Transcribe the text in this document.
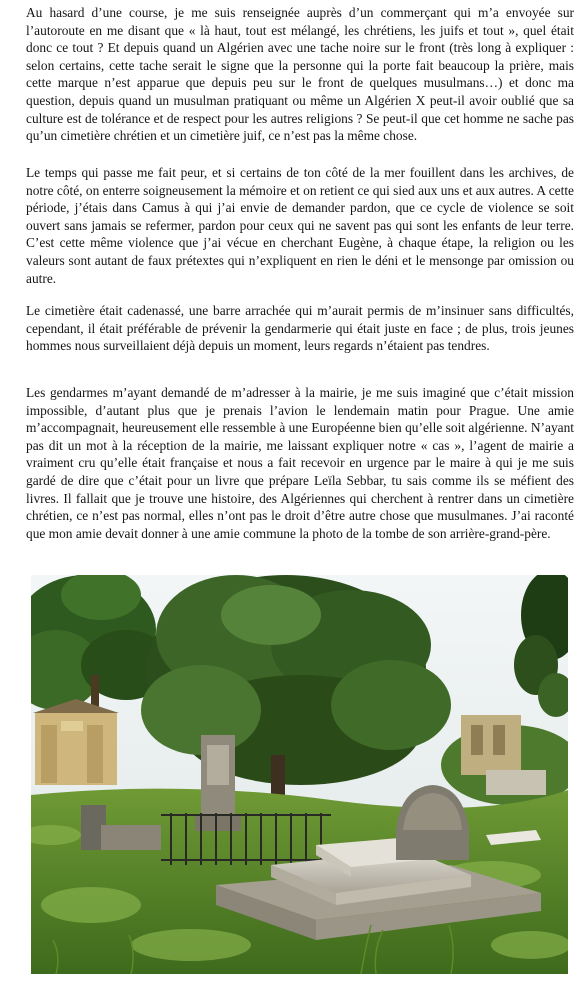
Au hasard d’une course, je me suis renseignée auprès d’un commerçant qui m’a envoyée sur l’autoroute en me disant que « là haut, tout est mélangé, les chrétiens, les juifs et tout », quel était donc ce tout ? Et depuis quand un Algérien avec une tache noire sur le front (très long à expliquer : selon certains, cette tache serait le signe que la personne qui la porte fait beaucoup la prière, mais cette marque n’est apparue que depuis peu sur le front de quelques musulmans…) et donc ma question, depuis quand un musulman pratiquant ou même un Algérien X peut-il avoir oublié que sa culture est de tolérance et de respect pour les autres religions ? Se peut-il que cet homme ne sache pas qu’un cimetière chrétien et un cimetière juif, ce n’est pas la même chose.

Le temps qui passe me fait peur, et si certains de ton côté de la mer fouillent dans les archives, de notre côté, on enterre soigneusement la mémoire et on retient ce qui sied aux uns et aux autres. A cette période, j’étais dans Camus à qui j’ai envie de demander pardon, que ce cycle de violence se soit ouvert sans jamais se refermer, pardon pour ceux qui ne savent pas qui sont les enfants de leur terre. C’est cette même violence que j’ai vécue en cherchant Eugène, à chaque étape, la religion ou les valeurs sont autant de faux prétextes qui n’expliquent en rien le déni et le mensonge par omission ou autre.

Le cimetière était cadenassé, une barre arrachée qui m’aurait permis de m’insinuer sans difficultés, cependant, il était préférable de prévenir la gendarmerie qui était juste en face ; de plus, trois jeunes hommes nous surveillaient déjà depuis un moment, leurs regards n’étaient pas tendres.

Les gendarmes m’ayant demandé de m’adresser à la mairie, je me suis imaginé que c’était mission impossible, d’autant plus que je prenais l’avion le lendemain matin pour Prague. Une amie m’accompagnait, heureusement elle ressemble à une Européenne bien qu’elle soit algérienne. N’ayant pas dit un mot à la réception de la mairie, me laissant expliquer notre « cas », l’agent de mairie a vraiment cru qu’elle était française et nous a fait recevoir en urgence par le maire à qui je me suis gardé de dire que c’était pour un livre que prépare Leïla Sebbar, tu sais comme ils se méfient des livres. Il fallait que je trouve une histoire, des Algériennes qui cherchent à rentrer dans un cimetière chrétien, ce n’est pas normal, elles n’ont pas le droit d’être autre chose que musulmanes. J’ai raconté que mon amie devait donner à une amie commune la photo de la tombe de son arrière-grand-père.
